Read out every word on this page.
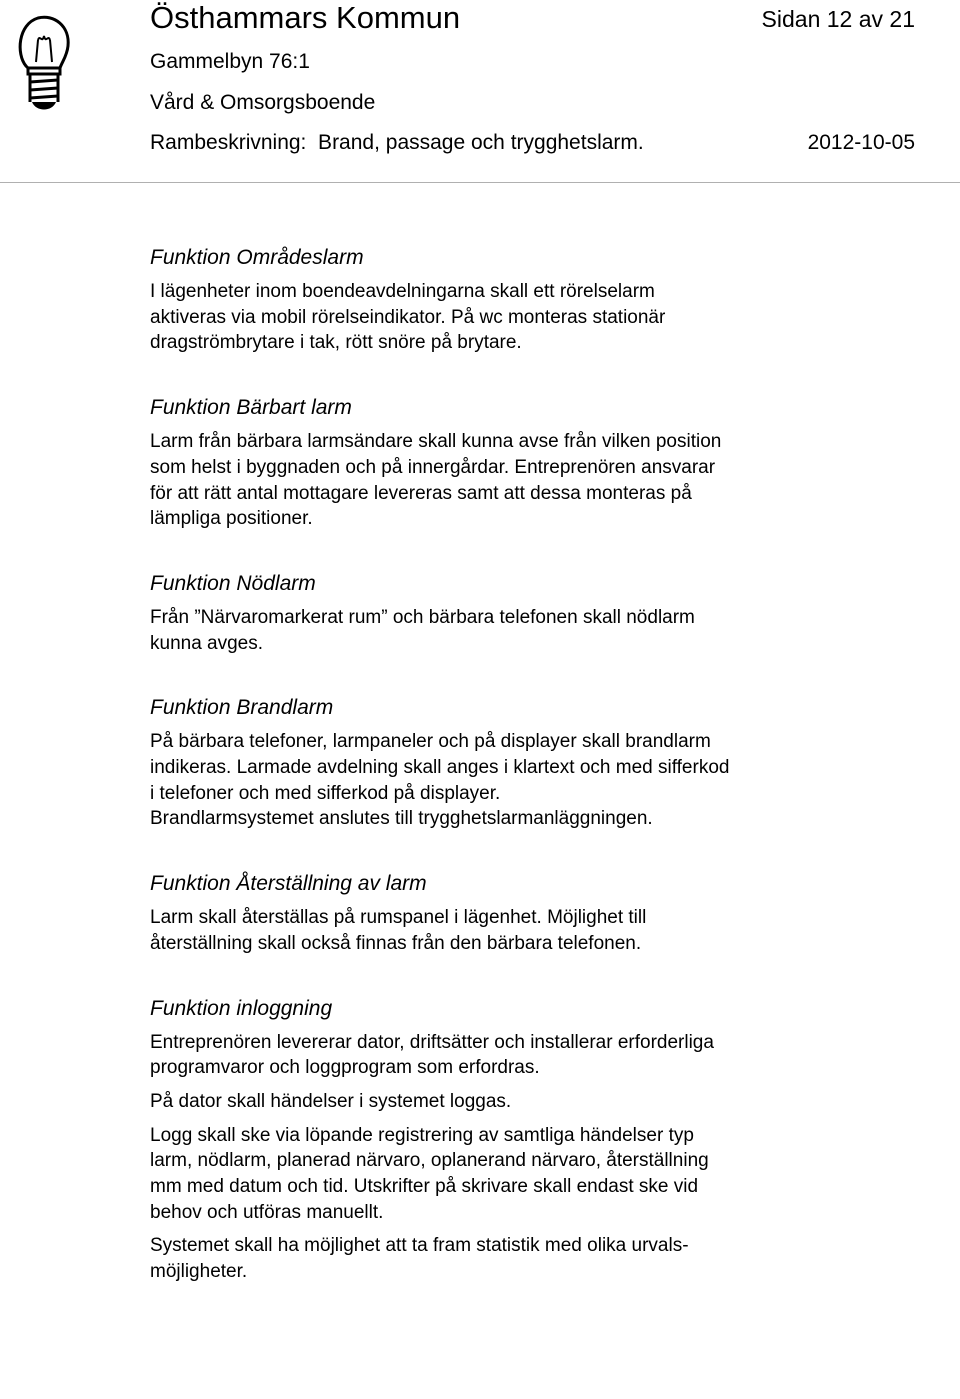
Östhammars Kommun	Sidan 12 av 21
Gammelbyn 76:1
Vård & Omsorgsboende
Rambeskrivning:  Brand, passage och trygghetslarm.	2012-10-05
Funktion Områdeslarm

I lägenheter inom boendeavdelningarna skall ett rörelselarm
aktiveras via mobil rörelseindikator. På wc monteras stationär
dragströmbrytare i tak, rött snöre på brytare.

Funktion Bärbart larm

Larm från bärbara larmsändare skall kunna avse från vilken position
som helst i byggnaden och på innergårdar. Entreprenören ansvarar
för att rätt antal mottagare levereras samt att dessa monteras på
lämpliga positioner.

Funktion Nödlarm

Från ”Närvaromarkerat rum” och bärbara telefonen skall nödlarm
kunna avges.

Funktion Brandlarm

På bärbara telefoner, larmpaneler och på displayer skall brandlarm
indikeras. Larmade avdelning skall anges i klartext och med sifferkod
i telefoner och med sifferkod på displayer.
Brandlarmsystemet anslutes till trygghetslarmanläggningen.

Funktion Återställning av larm

Larm skall återställas på rumspanel i lägenhet. Möjlighet till
återställning skall också finnas från den bärbara telefonen.

Funktion inloggning

Entreprenören levererar dator, driftsätter och installerar erforderliga
programvaror och loggprogram som erfordras.

På dator skall händelser i systemet loggas.

Logg skall ske via löpande registrering av samtliga händelser typ
larm, nödlarm, planerad närvaro, oplanerand närvaro, återställning
mm med datum och tid. Utskrifter på skrivare skall endast ske vid
behov och utföras manuellt.

Systemet skall ha möjlighet att ta fram statistik med olika urvals-
möjligheter.
